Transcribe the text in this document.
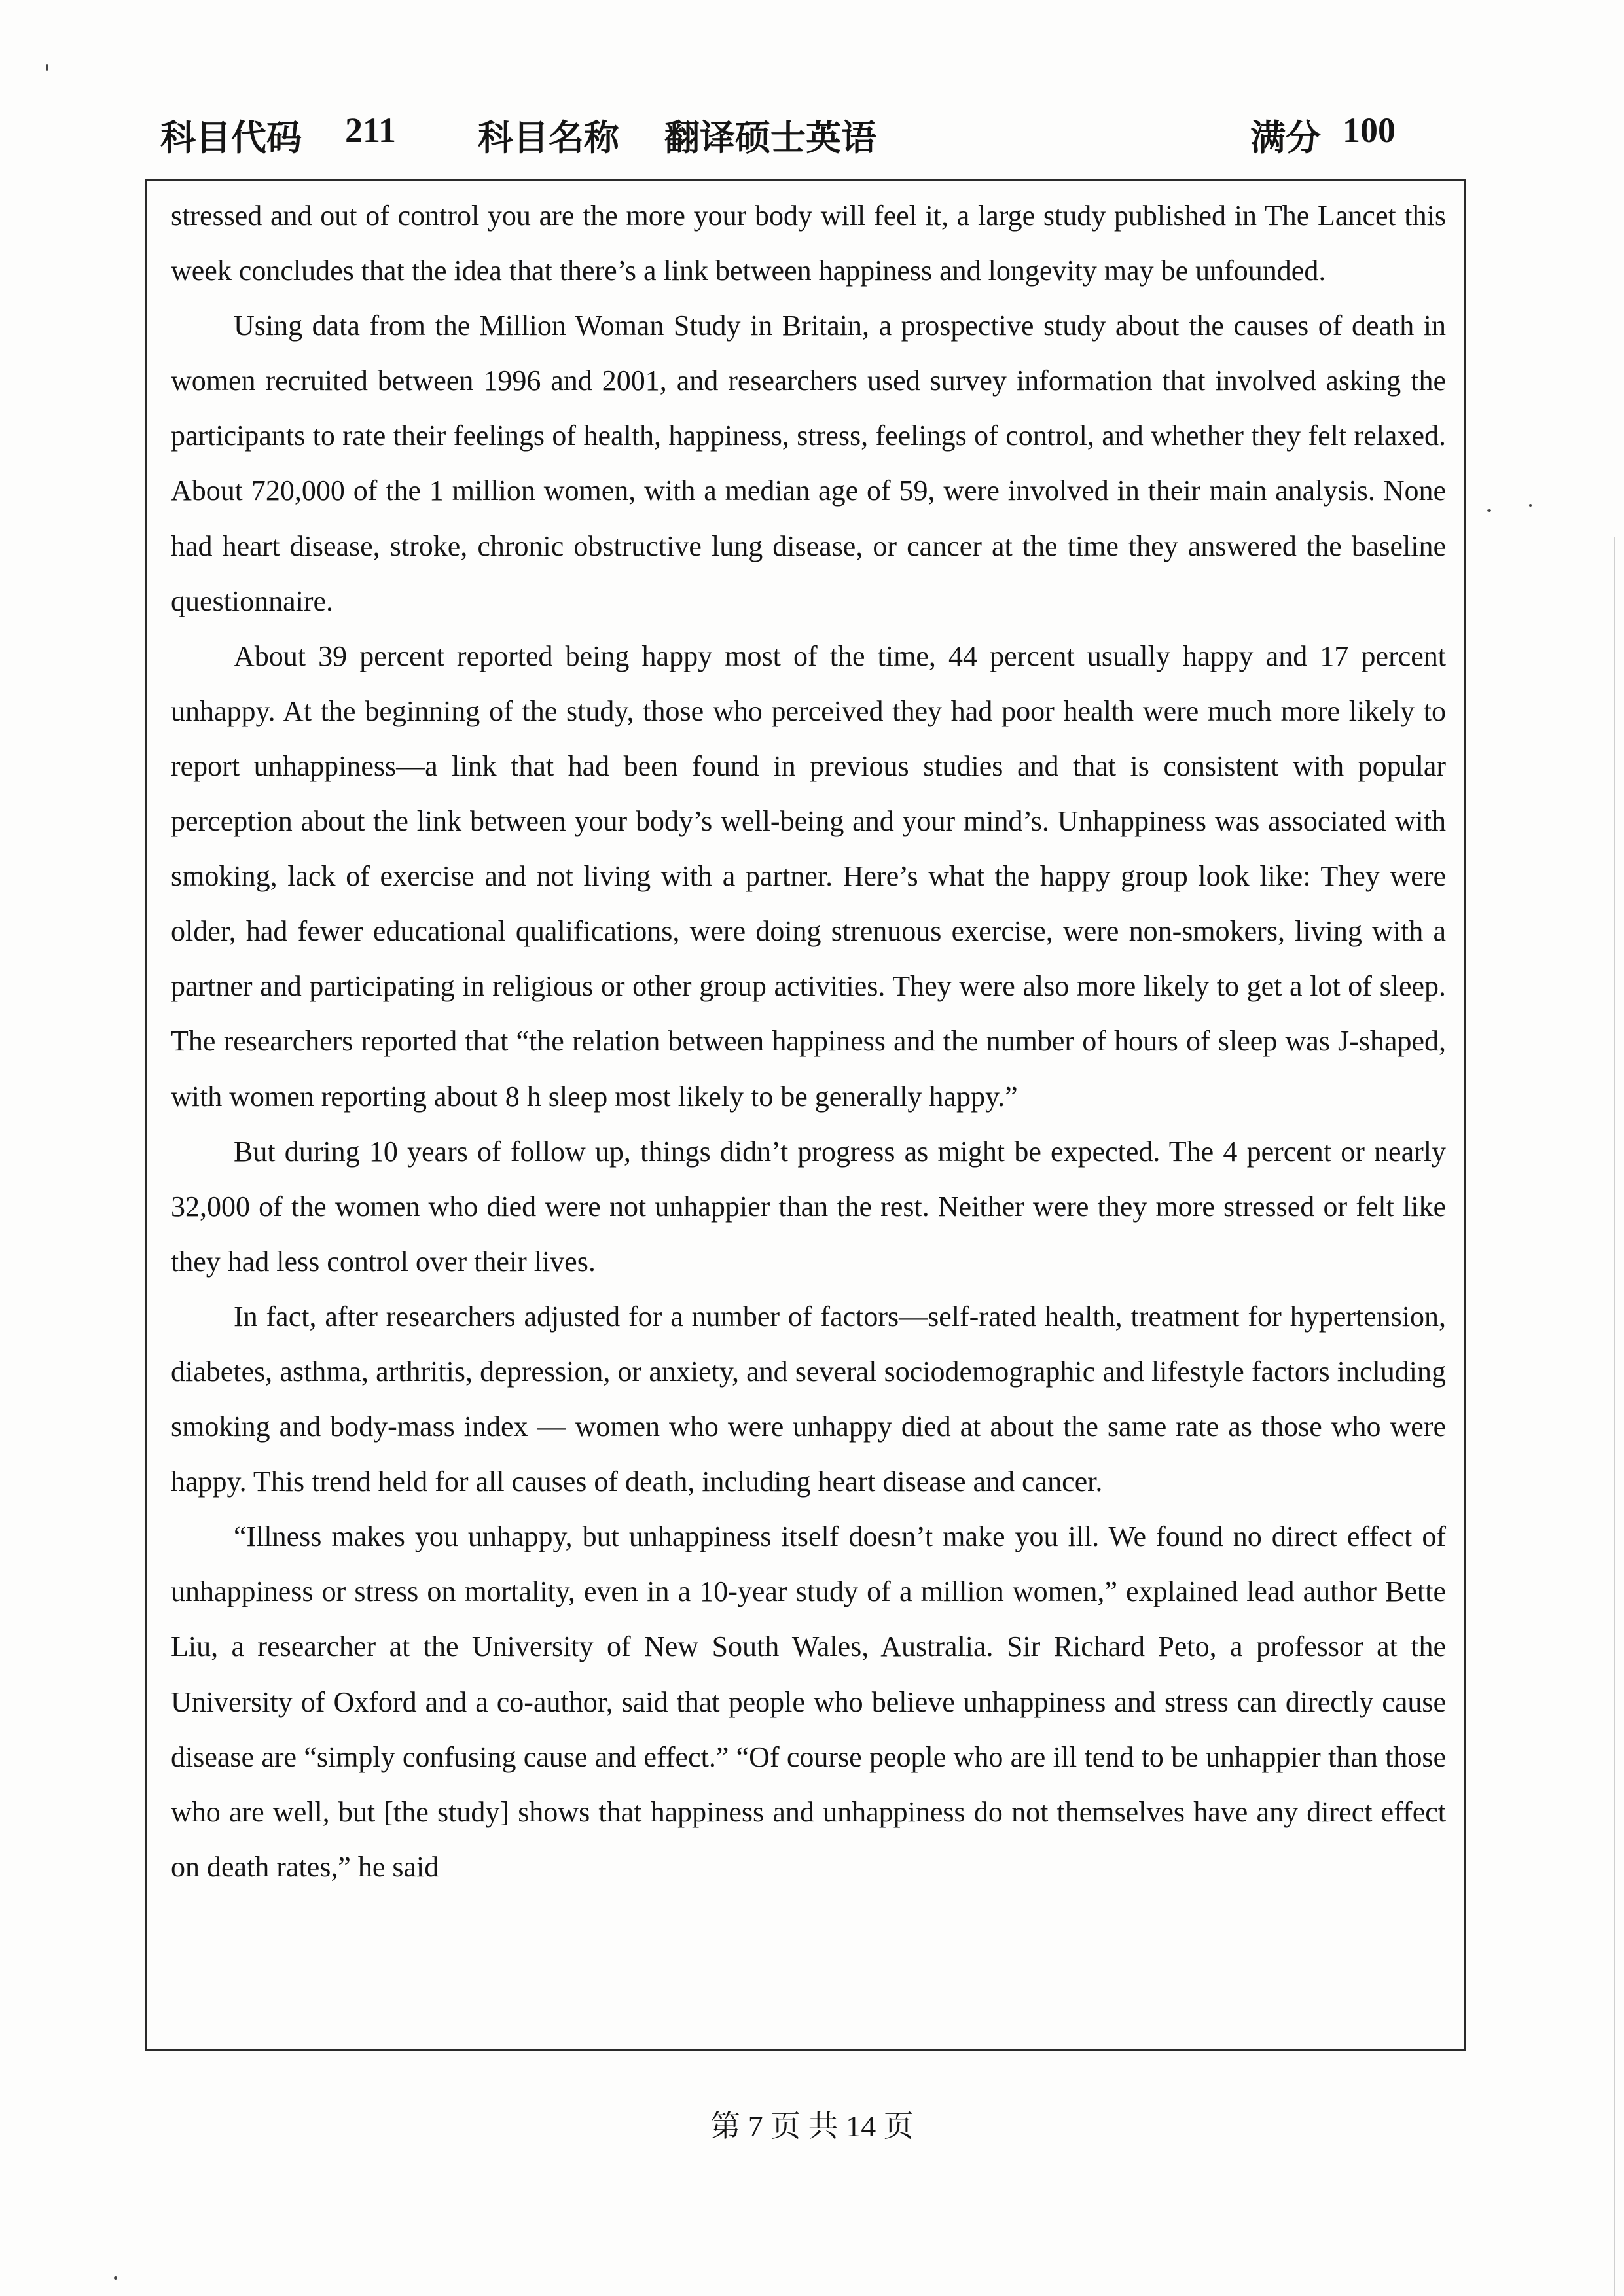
科目代码 211 科目名称 翻译硕士英语	满分 100

stressed and out of control you are the more your body will feel it, a large study published in The Lancet this week concludes that the idea that there’s a link between happiness and longevity may be unfounded.

Using data from the Million Woman Study in Britain, a prospective study about the causes of death in women recruited between 1996 and 2001, and researchers used survey information that involved asking the participants to rate their feelings of health, happiness, stress, feelings of control, and whether they felt relaxed. About 720,000 of the 1 million women, with a median age of 59, were involved in their main analysis. None had heart disease, stroke, chronic obstructive lung disease, or cancer at the time they answered the baseline questionnaire.

About 39 percent reported being happy most of the time, 44 percent usually happy and 17 percent unhappy. At the beginning of the study, those who perceived they had poor health were much more likely to report unhappiness—a link that had been found in previous studies and that is consistent with popular perception about the link between your body’s well-being and your mind’s. Unhappiness was associated with smoking, lack of exercise and not living with a partner. Here’s what the happy group look like: They were older, had fewer educational qualifications, were doing strenuous exercise, were non-smokers, living with a partner and participating in religious or other group activities. They were also more likely to get a lot of sleep. The researchers reported that “the relation between happiness and the number of hours of sleep was J-shaped, with women reporting about 8 h sleep most likely to be generally happy.”

But during 10 years of follow up, things didn’t progress as might be expected. The 4 percent or nearly 32,000 of the women who died were not unhappier than the rest. Neither were they more stressed or felt like they had less control over their lives.

In fact, after researchers adjusted for a number of factors—self-rated health, treatment for hypertension, diabetes, asthma, arthritis, depression, or anxiety, and several sociodemographic and lifestyle factors including smoking and body-mass index — women who were unhappy died at about the same rate as those who were happy. This trend held for all causes of death, including heart disease and cancer.

“Illness makes you unhappy, but unhappiness itself doesn’t make you ill. We found no direct effect of unhappiness or stress on mortality, even in a 10-year study of a million women,” explained lead author Bette Liu, a researcher at the University of New South Wales, Australia. Sir Richard Peto, a professor at the University of Oxford and a co-author, said that people who believe unhappiness and stress can directly cause disease are “simply confusing cause and effect.” “Of course people who are ill tend to be unhappier than those who are well, but [the study] shows that happiness and unhappiness do not themselves have any direct effect on death rates,” he said

第 7 页 共 14 页
